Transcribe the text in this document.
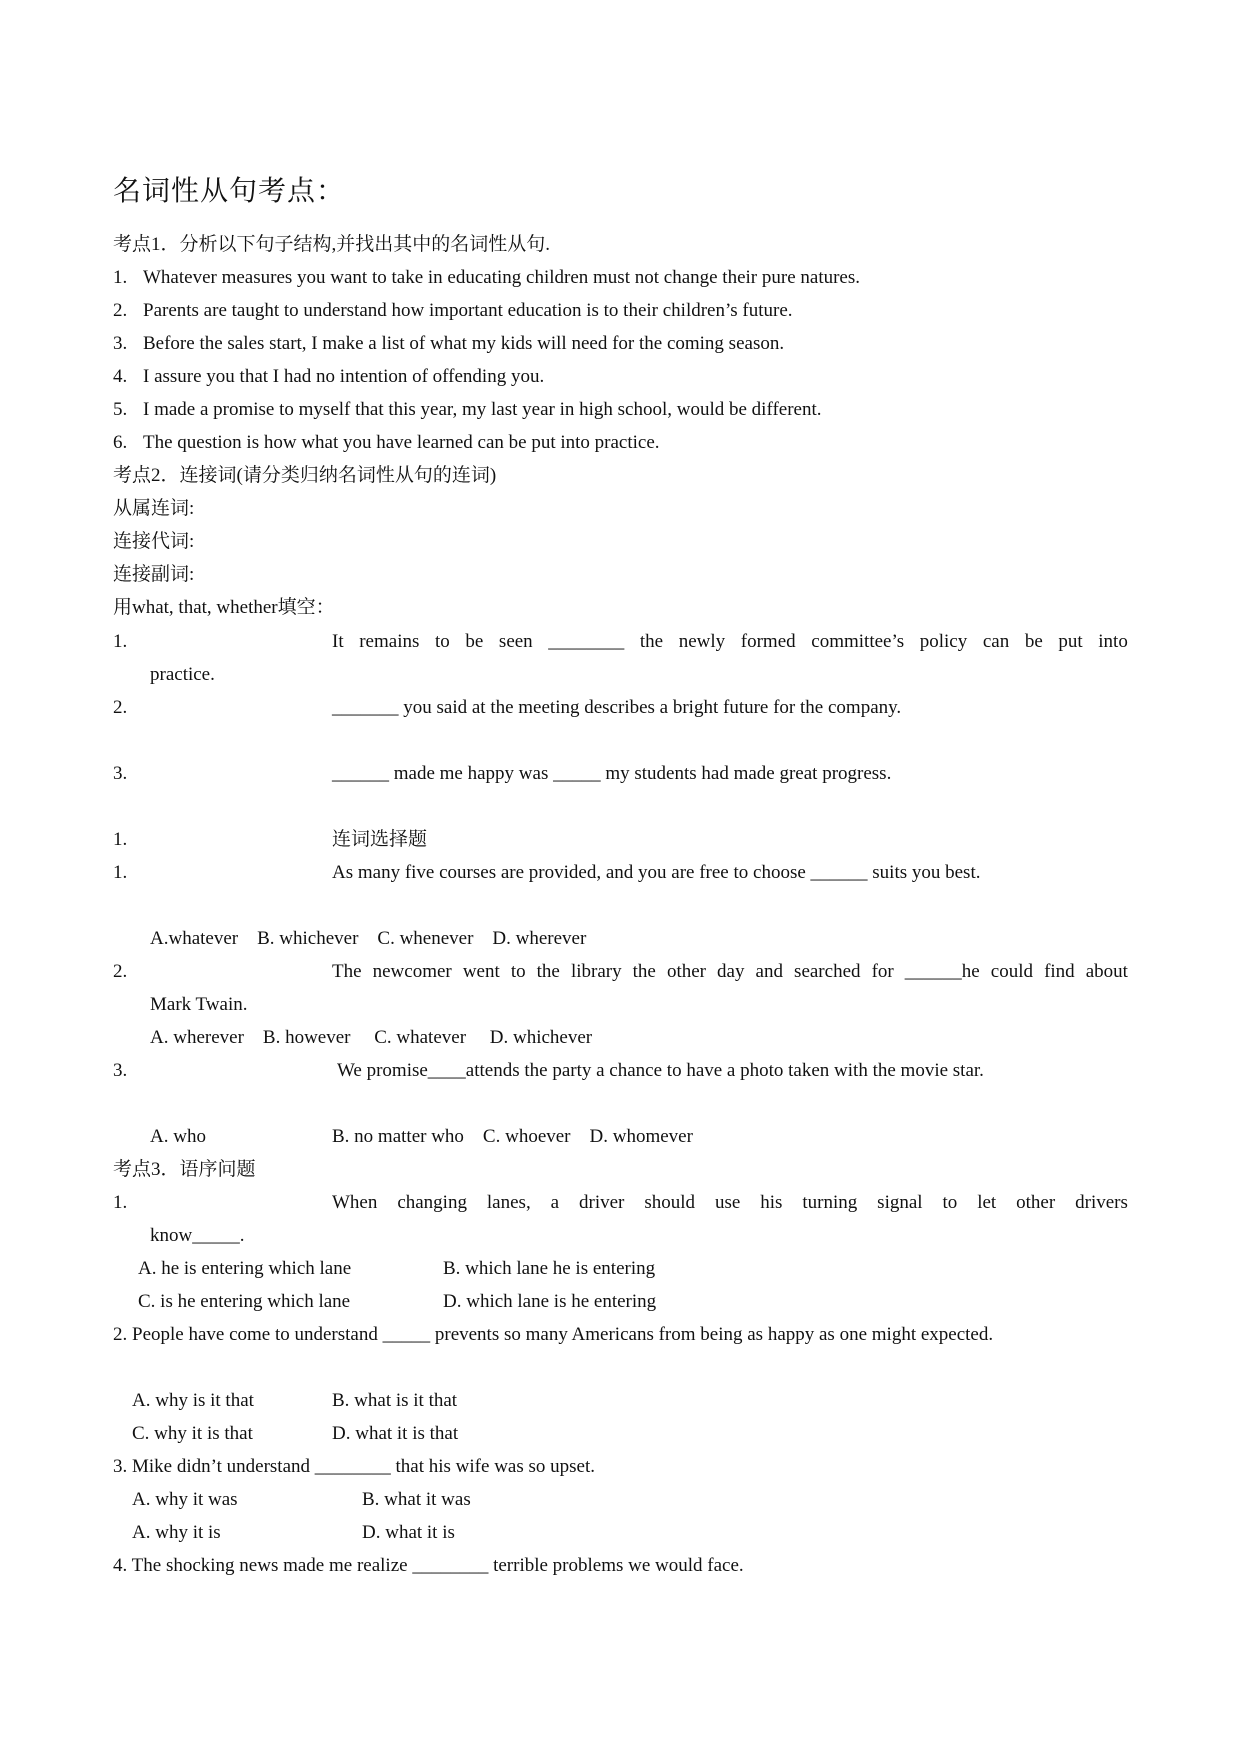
名词性从句考点：
考点1．分析以下句子结构,并找出其中的名词性从句.
1. Whatever measures you want to take in educating children must not change their pure natures.
2. Parents are taught to understand how important education is to their children’s future.
3. Before the sales start, I make a list of what my kids will need for the coming season.
4. I assure you that I had no intention of offending you.
5. I made a promise to myself that this year, my last year in high school, would be different.
6. The question is how what you have learned can be put into practice.
考点2．连接词(请分类归纳名词性从句的连词)
从属连词:
连接代词:
连接副词:
用what, that, whether填空：
1.	It remains to be seen ________ the newly formed committee’s policy can be put into
practice.
2.	_______ you said at the meeting describes a bright future for the company.
3.	______ made me happy was _____ my students had made great progress.
1.	连词选择题
1.	As many five courses are provided, and you are free to choose ______ suits you best.
A.whatever    B. whichever    C. whenever    D. wherever
2.	The newcomer went to the library the other day and searched for ______he could find about
Mark Twain.
A. wherever    B. however     C. whatever     D. whichever
3.	We promise____attends the party a chance to have a photo taken with the movie star.
A. who	B. no matter who    C. whoever    D. whomever
考点3．语序问题
1.	When changing lanes, a driver should use his turning signal to let other drivers
know_____.
A. he is entering which lane	B. which lane he is entering
C. is he entering which lane	D. which lane is he entering
2. People have come to understand _____ prevents so many Americans from being as happy as one might expected.
A. why is it that	B. what is it that
C. why it is that	D. what it is that
3. Mike didn’t understand ________ that his wife was so upset.
A. why it was	B. what it was
A. why it is	D. what it is
4. The shocking news made me realize ________ terrible problems we would face.
